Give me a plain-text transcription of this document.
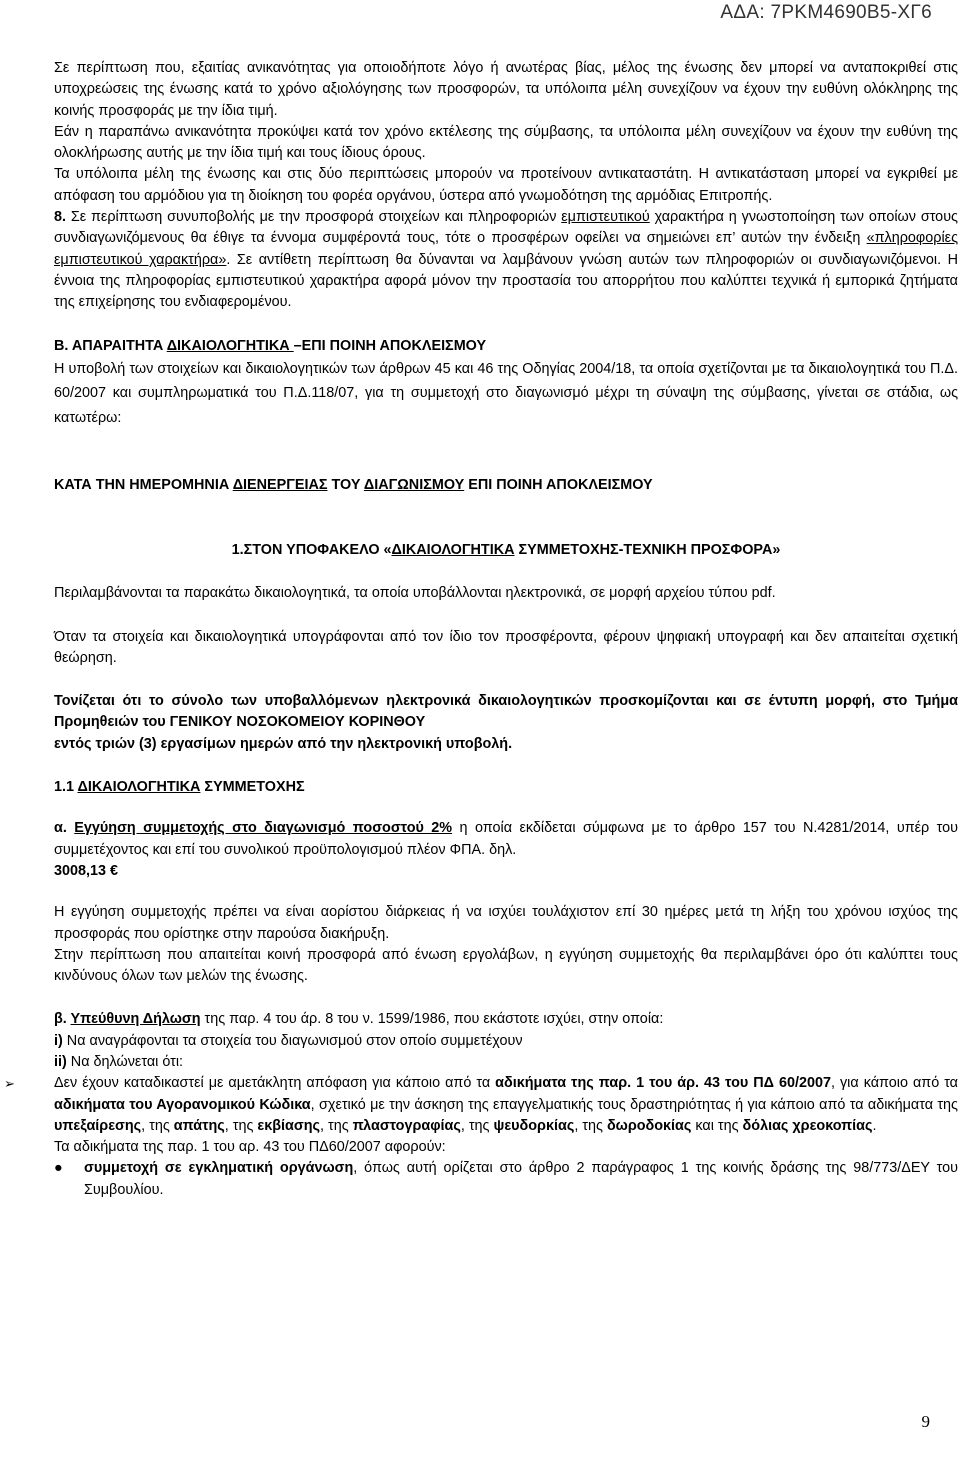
ΑΔΑ: 7ΡΚΜ4690Β5-ΧΓ6

Σε περίπτωση που, εξαιτίας ανικανότητας για οποιοδήποτε λόγο ή ανωτέρας βίας, μέλος της ένωσης δεν μπορεί να ανταποκριθεί στις υποχρεώσεις της ένωσης κατά το χρόνο αξιολόγησης των προσφορών, τα υπόλοιπα μέλη συνεχίζουν να έχουν την ευθύνη ολόκληρης της κοινής προσφοράς με την ίδια τιμή.

Εάν η παραπάνω ανικανότητα προκύψει κατά τον χρόνο εκτέλεσης της σύμβασης, τα υπόλοιπα μέλη συνεχίζουν να έχουν την ευθύνη της ολοκλήρωσης αυτής με την ίδια τιμή και τους ίδιους όρους.

Τα υπόλοιπα μέλη της ένωσης και στις δύο περιπτώσεις μπορούν να προτείνουν αντικαταστάτη. Η αντικατάσταση μπορεί να εγκριθεί με απόφαση του αρμόδιου για τη διοίκηση του φορέα οργάνου, ύστερα από γνωμοδότηση της αρμόδιας Επιτροπής.

8. Σε περίπτωση συνυποβολής με την προσφορά στοιχείων και πληροφοριών εμπιστευτικού χαρακτήρα η γνωστοποίηση των οποίων στους συνδιαγωνιζόμενους θα έθιγε τα έννομα συμφέροντά τους, τότε ο προσφέρων οφείλει να σημειώνει επ’ αυτών την ένδειξη «πληροφορίες εμπιστευτικού χαρακτήρα». Σε αντίθετη περίπτωση θα δύνανται να λαμβάνουν γνώση αυτών των πληροφοριών οι συνδιαγωνιζόμενοι. Η έννοια της πληροφορίας εμπιστευτικού χαρακτήρα αφορά μόνον την προστασία του απορρήτου που καλύπτει τεχνικά ή εμπορικά ζητήματα της επιχείρησης του ενδιαφερομένου.

Β. ΑΠΑΡΑΙΤΗΤΑ ΔΙΚΑΙΟΛΟΓΗΤΙΚΑ –ΕΠΙ ΠΟΙΝΗ ΑΠΟΚΛΕΙΣΜΟΥ

Η υποβολή των στοιχείων και δικαιολογητικών των άρθρων 45 και 46 της Οδηγίας 2004/18, τα οποία σχετίζονται με τα δικαιολογητικά του Π.Δ. 60/2007 και συμπληρωματικά του Π.Δ.118/07, για τη συμμετοχή στο διαγωνισμό μέχρι τη σύναψη της σύμβασης, γίνεται σε στάδια, ως κατωτέρω:

ΚΑΤΑ ΤΗΝ ΗΜΕΡΟΜΗΝΙΑ ΔΙΕΝΕΡΓΕΙΑΣ ΤΟΥ ΔΙΑΓΩΝΙΣΜΟΥ ΕΠΙ ΠΟΙΝΗ ΑΠΟΚΛΕΙΣΜΟΥ

1.ΣΤΟΝ ΥΠΟΦΑΚΕΛΟ «ΔΙΚΑΙΟΛΟΓΗΤΙΚΑ ΣΥΜΜΕΤΟΧΗΣ-ΤΕΧΝΙΚΗ ΠΡΟΣΦΟΡΑ»

Περιλαμβάνονται τα παρακάτω δικαιολογητικά, τα οποία υποβάλλονται ηλεκτρονικά, σε μορφή αρχείου τύπου pdf.

Όταν τα στοιχεία και δικαιολογητικά υπογράφονται από τον ίδιο τον προσφέροντα, φέρουν ψηφιακή υπογραφή και δεν απαιτείται σχετική θεώρηση.

Τονίζεται ότι το σύνολο των υποβαλλόμενων ηλεκτρονικά δικαιολογητικών προσκομίζονται και σε έντυπη μορφή, στο Τμήμα Προμηθειών του ΓΕΝΙΚΟΥ ΝΟΣΟΚΟΜΕΙΟΥ ΚΟΡΙΝΘΟΥ

εντός τριών (3) εργασίμων ημερών από την ηλεκτρονική υποβολή.

1.1 ΔΙΚΑΙΟΛΟΓΗΤΙΚΑ ΣΥΜΜΕΤΟΧΗΣ

α. Εγγύηση συμμετοχής στο διαγωνισμό ποσοστού 2% η οποία εκδίδεται σύμφωνα με το άρθρο 157 του Ν.4281/2014, υπέρ του συμμετέχοντος και επί του συνολικού προϋπολογισμού πλέον ΦΠΑ. δηλ.

3008,13 €

Η εγγύηση συμμετοχής πρέπει να είναι αορίστου διάρκειας ή να ισχύει τουλάχιστον επί 30 ημέρες μετά τη λήξη του χρόνου ισχύος της προσφοράς που ορίστηκε στην παρούσα διακήρυξη.

Στην περίπτωση που απαιτείται κοινή προσφορά από ένωση εργολάβων, η εγγύηση συμμετοχής θα περιλαμβάνει όρο ότι καλύπτει τους κινδύνους όλων των μελών της ένωσης.

β. Υπεύθυνη Δήλωση της παρ. 4 του άρ. 8 του ν. 1599/1986, που εκάστοτε ισχύει, στην οποία:

i) Να αναγράφονται τα στοιχεία του διαγωνισμού στον οποίο συμμετέχουν

ii) Να δηλώνεται ότι:

➢	Δεν έχουν καταδικαστεί με αμετάκλητη απόφαση για κάποιο από τα αδικήματα της παρ. 1 του άρ. 43 του ΠΔ 60/2007, για κάποιο από τα αδικήματα του Αγορανομικού Κώδικα, σχετικό με την άσκηση της επαγγελματικής τους δραστηριότητας ή για κάποιο από τα αδικήματα της υπεξαίρεσης, της απάτης, της εκβίασης, της πλαστογραφίας, της ψευδορκίας, της δωροδοκίας και της δόλιας χρεοκοπίας.

Τα αδικήματα της παρ. 1 του αρ. 43 του ΠΔ60/2007 αφορούν:

● συμμετοχή σε εγκληματική οργάνωση, όπως αυτή ορίζεται στο άρθρο 2 παράγραφος 1 της κοινής δράσης της 98/773/ΔΕΥ του Συμβουλίου.

9
